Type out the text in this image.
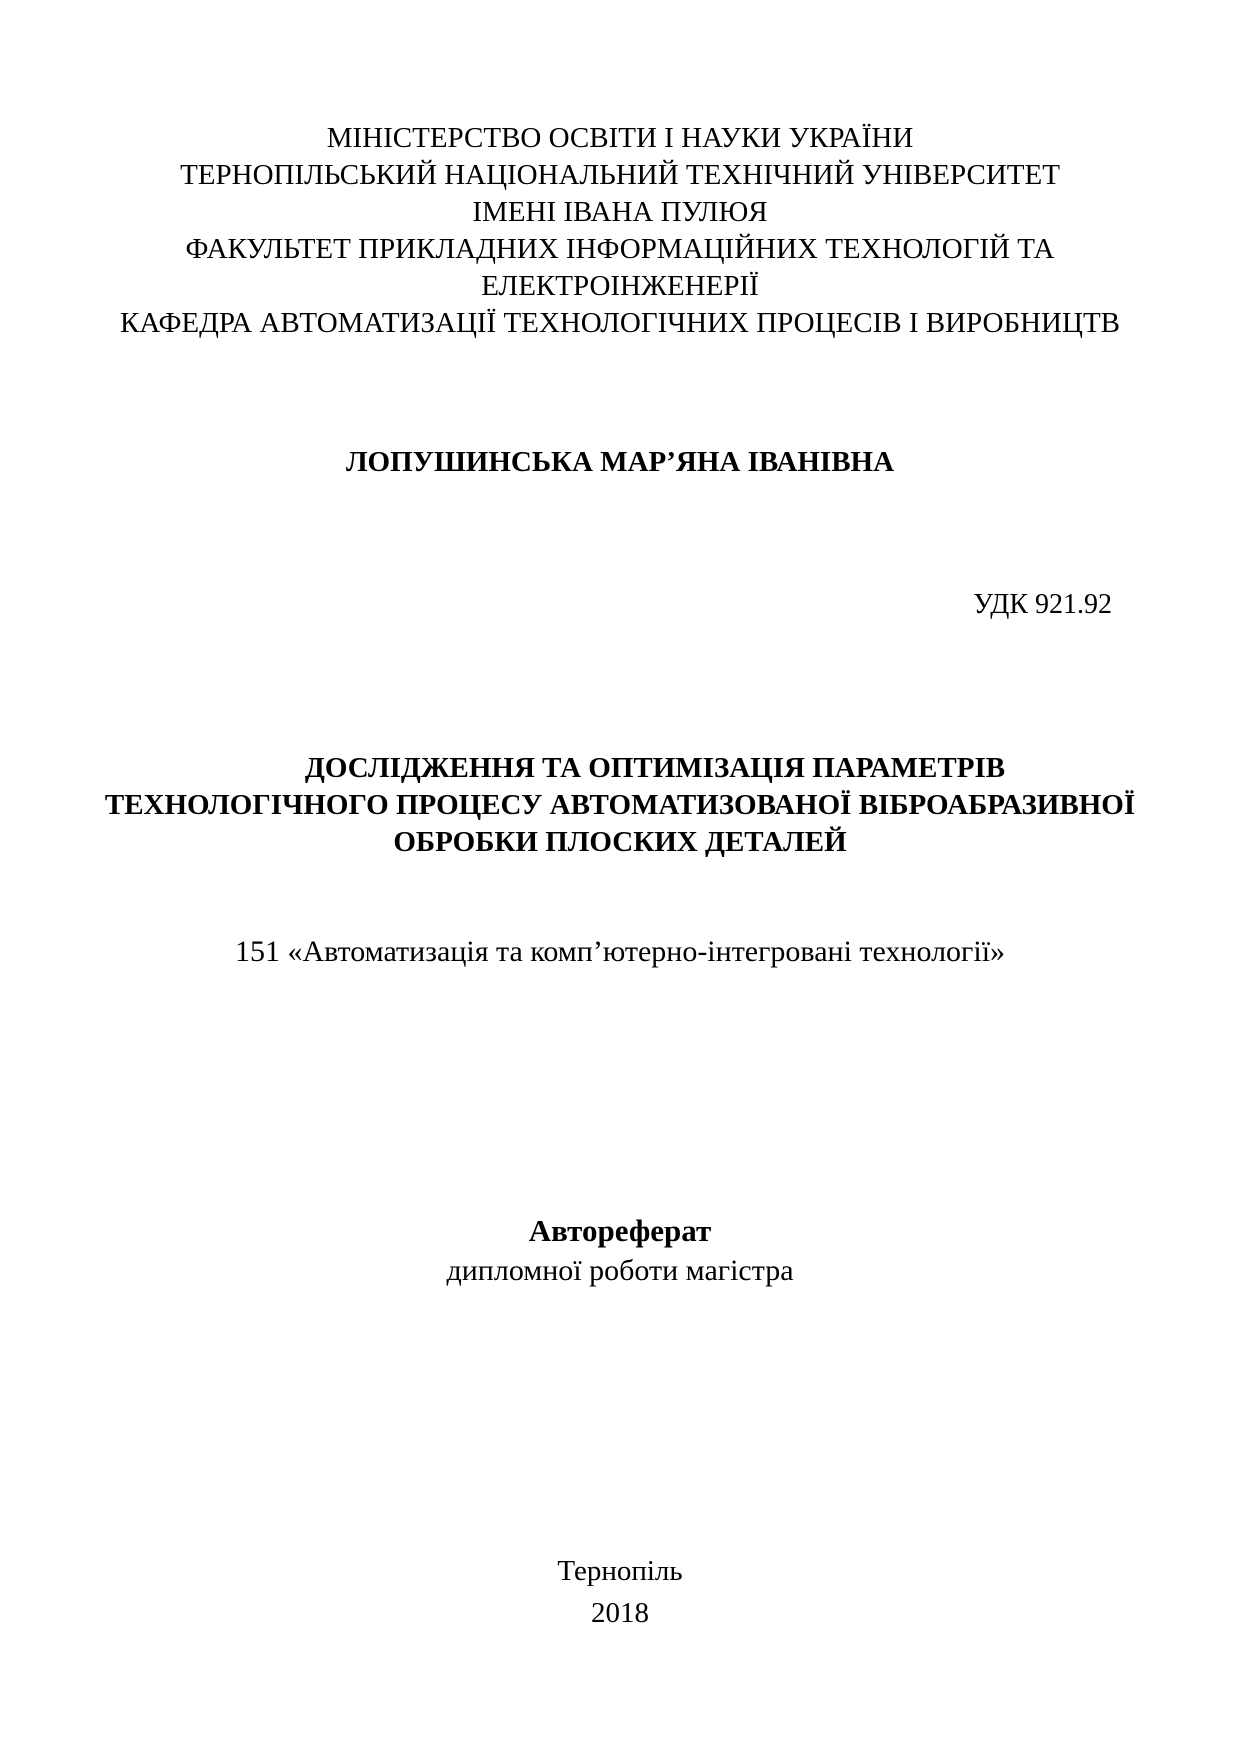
МІНІСТЕРСТВО ОСВІТИ І НАУКИ УКРАЇНИ
ТЕРНОПІЛЬСЬКИЙ НАЦІОНАЛЬНИЙ ТЕХНІЧНИЙ УНІВЕРСИТЕТ
ІМЕНІ ІВАНА ПУЛЮЯ
ФАКУЛЬТЕТ ПРИКЛАДНИХ ІНФОРМАЦІЙНИХ ТЕХНОЛОГІЙ ТА
ЕЛЕКТРОІНЖЕНЕРІЇ
КАФЕДРА АВТОМАТИЗАЦІЇ ТЕХНОЛОГІЧНИХ ПРОЦЕСІВ І ВИРОБНИЦТВ
ЛОПУШИНСЬКА МАР’ЯНА ІВАНІВНА
УДК 921.92
ДОСЛІДЖЕННЯ ТА ОПТИМІЗАЦІЯ ПАРАМЕТРІВ
ТЕХНОЛОГІЧНОГО ПРОЦЕСУ АВТОМАТИЗОВАНОЇ ВІБРОАБРАЗИВНОЇ
ОБРОБКИ ПЛОСКИХ ДЕТАЛЕЙ
151 «Автоматизація та комп’ютерно-інтегровані технології»
Автореферат
дипломної роботи магістра
Тернопіль
2018
